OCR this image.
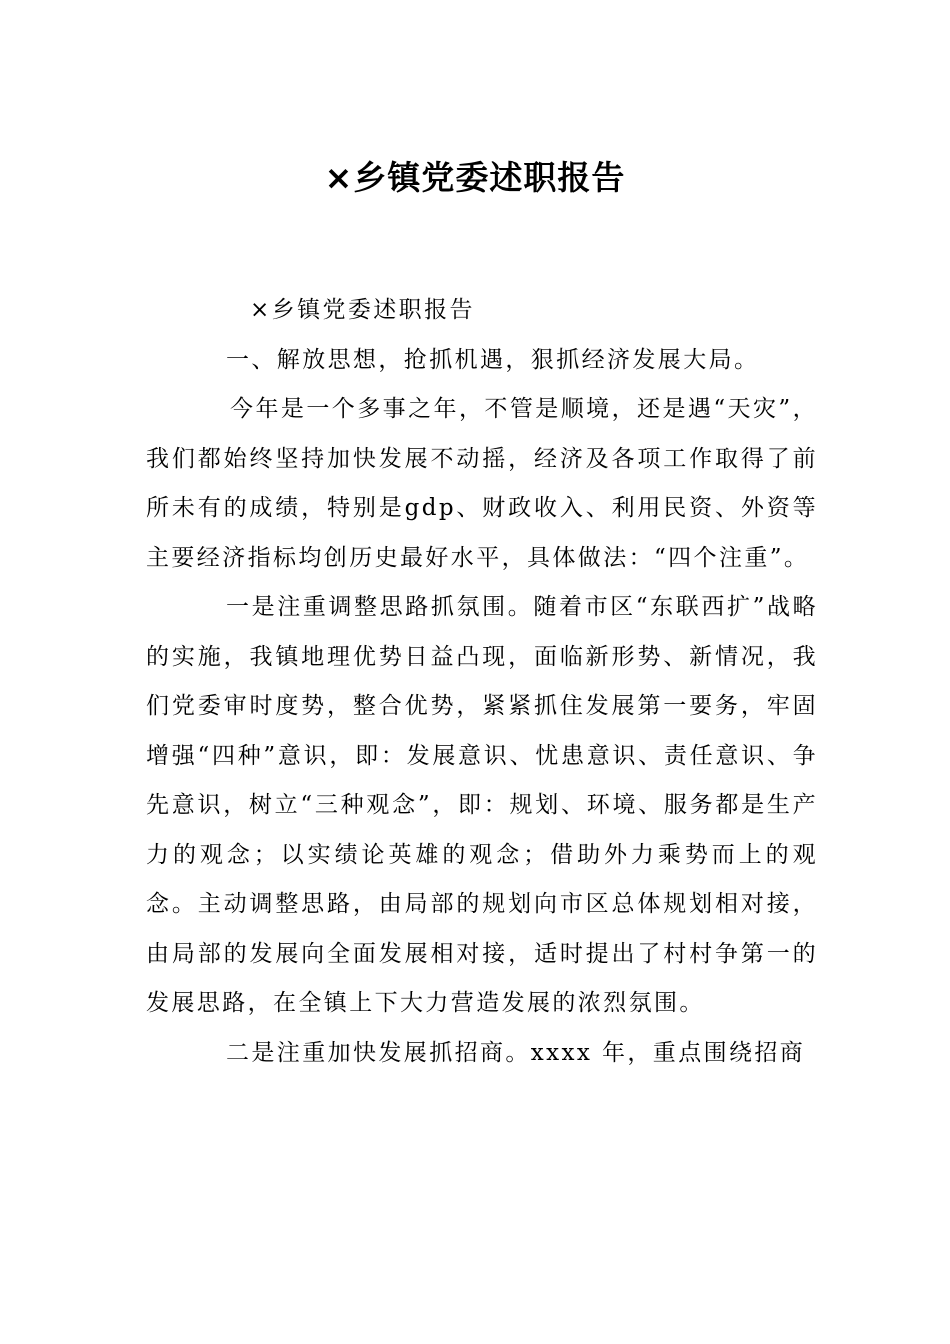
×乡镇党委述职报告

×乡镇党委述职报告

一、解放思想，抢抓机遇，狠抓经济发展大局。

今年是一个多事之年，不管是顺境，还是遇“天灾”，我们都始终坚持加快发展不动摇，经济及各项工作取得了前所未有的成绩，特别是gdp、财政收入、利用民资、外资等主要经济指标均创历史最好水平，具体做法：“四个注重”。

一是注重调整思路抓氛围。随着市区“东联西扩”战略的实施，我镇地理优势日益凸现，面临新形势、新情况，我们党委审时度势，整合优势，紧紧抓住发展第一要务，牢固增强“四种”意识，即：发展意识、忧患意识、责任意识、争先意识，树立“三种观念”，即：规划、环境、服务都是生产力的观念；以实绩论英雄的观念；借助外力乘势而上的观念。主动调整思路，由局部的规划向市区总体规划相对接，由局部的发展向全面发展相对接，适时提出了村村争第一的发展思路，在全镇上下大力营造发展的浓烈氛围。

二是注重加快发展抓招商。xxxx 年，重点围绕招商
